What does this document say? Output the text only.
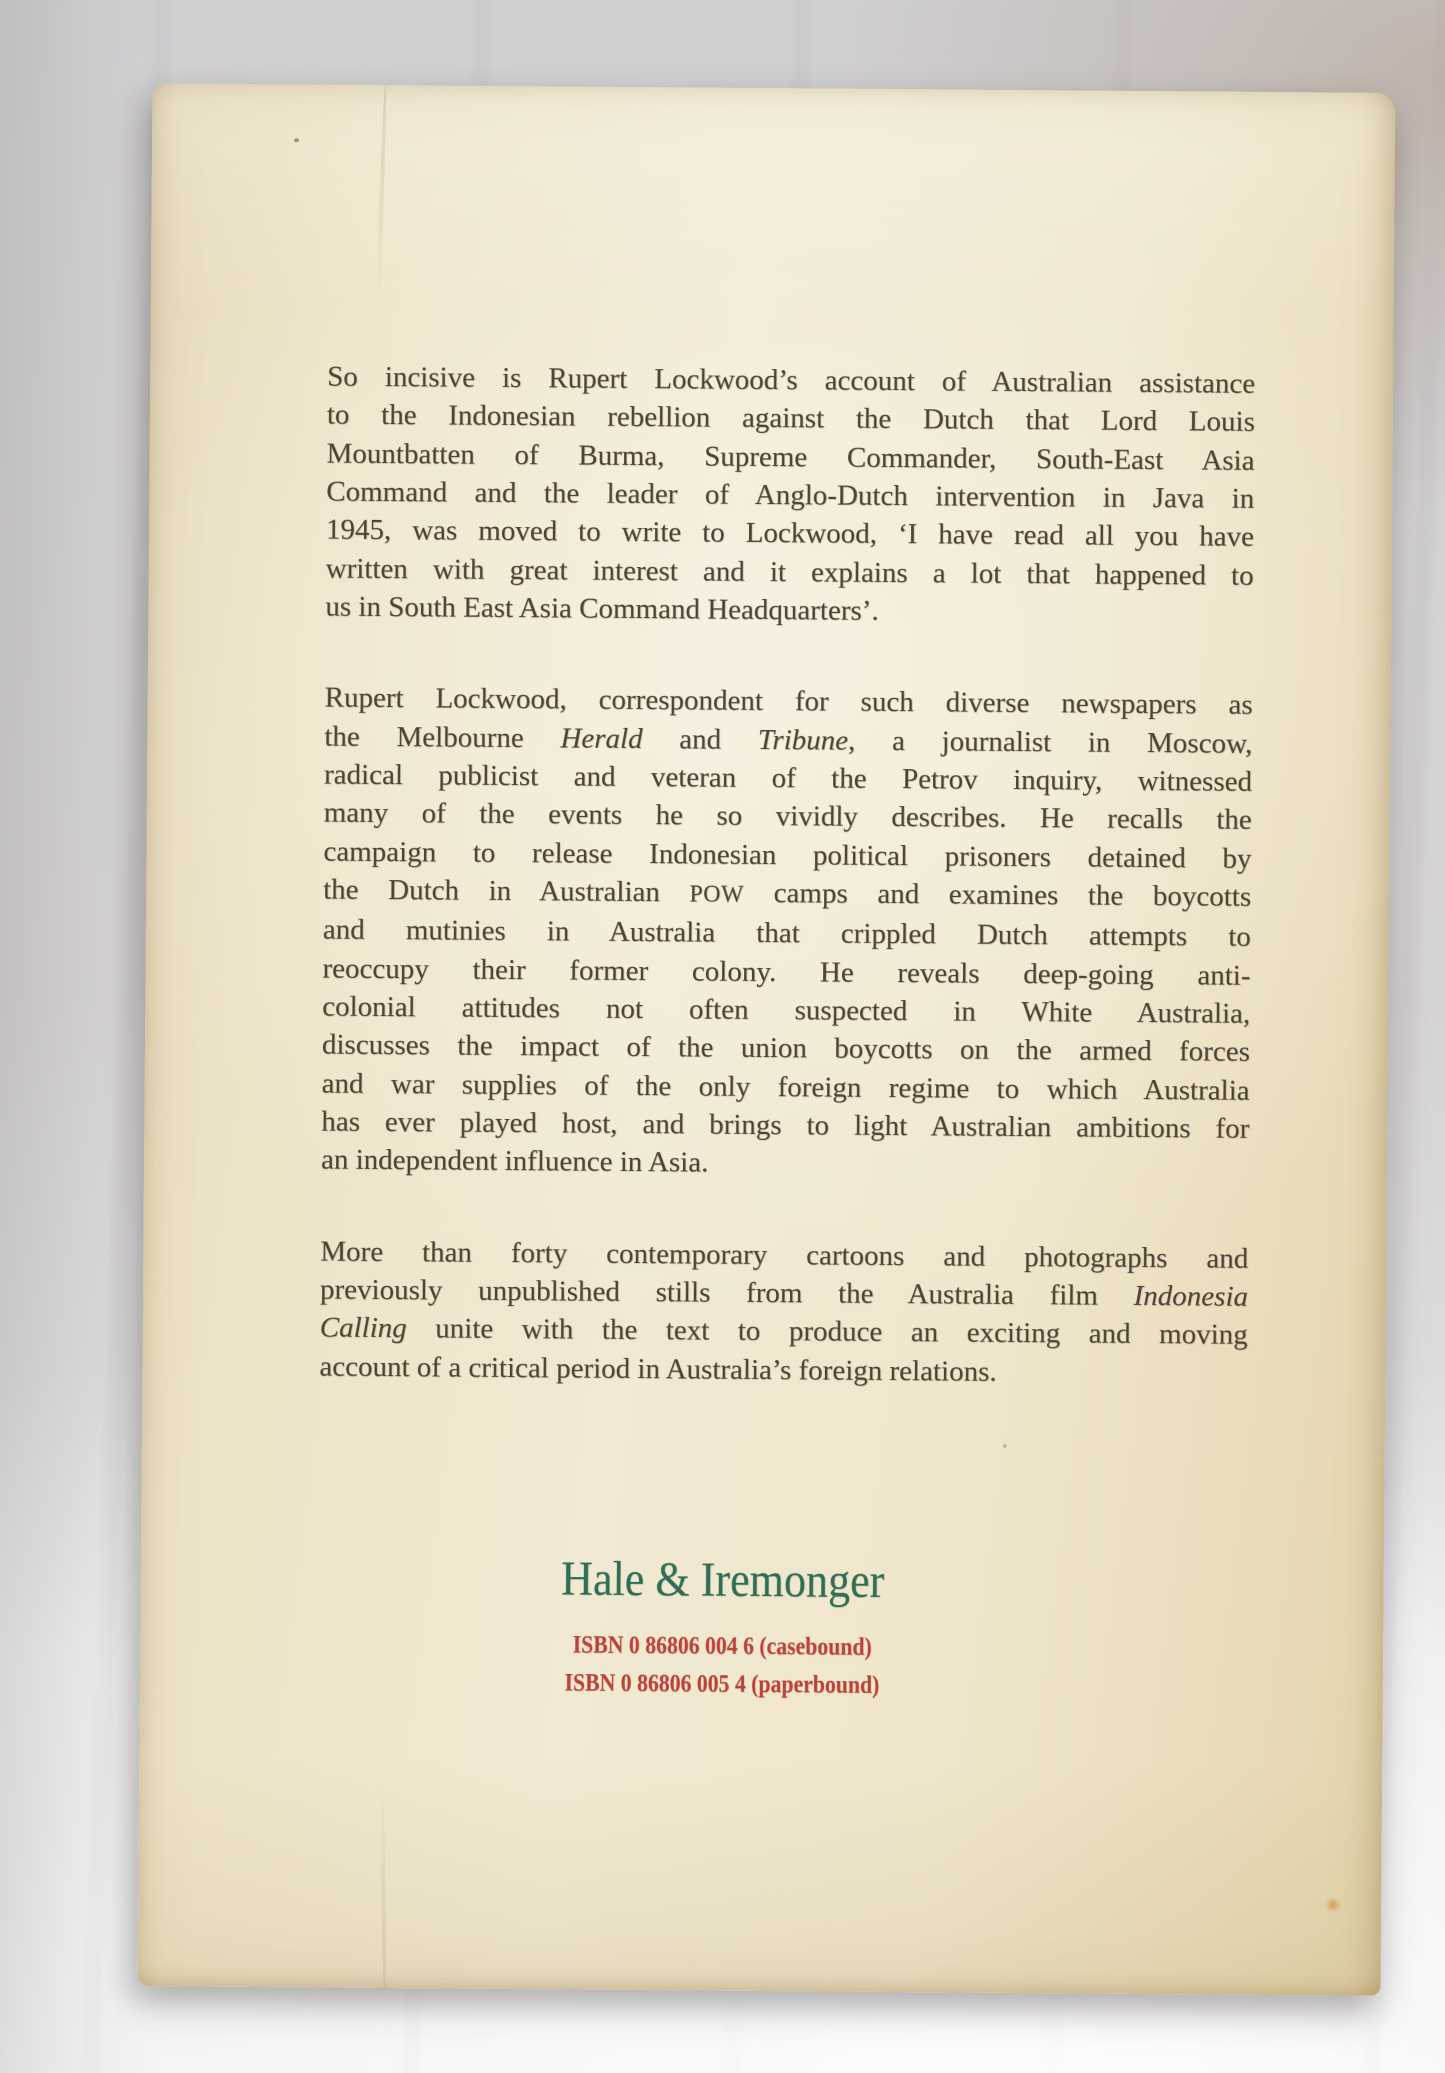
So incisive is Rupert Lockwood’s account of Australian assistance
to the Indonesian rebellion against the Dutch that Lord Louis
Mountbatten of Burma, Supreme Commander, South-East Asia
Command and the leader of Anglo-Dutch intervention in Java in
1945, was moved to write to Lockwood, ‘I have read all you have
written with great interest and it explains a lot that happened to
us in South East Asia Command Headquarters’.
Rupert Lockwood, correspondent for such diverse newspapers as
the Melbourne Herald and Tribune, a journalist in Moscow,
radical publicist and veteran of the Petrov inquiry, witnessed
many of the events he so vividly describes. He recalls the
campaign to release Indonesian political prisoners detained by
the Dutch in Australian POW camps and examines the boycotts
and mutinies in Australia that crippled Dutch attempts to
reoccupy their former colony. He reveals deep-going anti-
colonial attitudes not often suspected in White Australia,
discusses the impact of the union boycotts on the armed forces
and war supplies of the only foreign regime to which Australia
has ever played host, and brings to light Australian ambitions for
an independent influence in Asia.
More than forty contemporary cartoons and photographs and
previously unpublished stills from the Australia film Indonesia
Calling unite with the text to produce an exciting and moving
account of a critical period in Australia’s foreign relations.
Hale & Iremonger
ISBN 0 86806 004 6 (casebound)
ISBN 0 86806 005 4 (paperbound)
